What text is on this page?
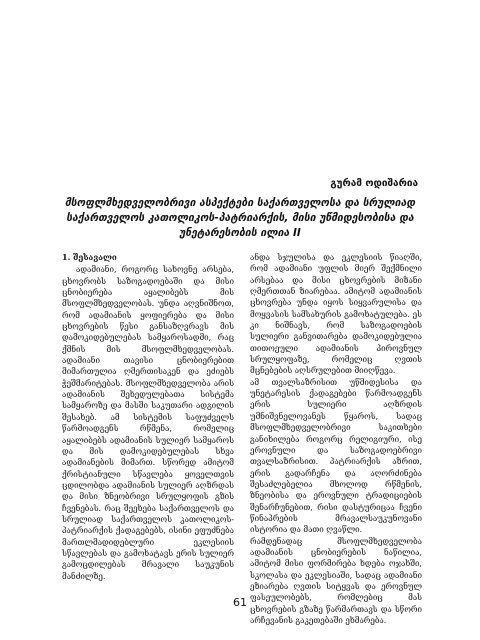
გურამ ოდიშარია
მსოფლმხედველობრივი ასპექტები საქართველოსა და სრულიად საქართველოს კათოლიკოს-პატრიარქის, მისი უწმიდესობისა და უნეტარესობის ილია II

1. შესავალი

ადამიანი, როგორც სახოვნე არსება, ცხოვრობს საზოგადოებაში და მისი ცნობიერება აყალიბებს მის მსოფლმხედველობას. უნდა აღვნიშნოთ, რომ ადამიანის ყოფიერება და მისი ცხოვრების წესი განსაზღვრავს მის დამოკიდებულებას სამყაროსადმი, რაც ქმნის მის მსოფლმხედველობას. ადამიანი თავისი ცნობიერებით მიმართულია ღმერთისაკენ და ეძიებს ჭეშმარიტებას. მსოფლმხედველობა არის ადამიანის შეხედულებათა სისტემა სამყაროზე და მასში საკუთარი ადგილის შესახებ. ამ სისტემის საფუძველს წარმოადგენს რწმენა, რომელიც აყალიბებს ადამიანის სულიერ სამყაროს და მის დამოკიდებულებას სხვა ადამიანების მიმართ. სწორედ ამიტომ ქრისტიანული სწავლება ყოველთვის ცდილობდა ადამიანის სულიერ აღზრდას და მისი ზნეობრივი სრულყოფის გზის ჩვენებას. რაც შეეხება საქართველოს და სრულიად საქართველოს კათოლიკოს-პატრიარქის ქადაგებებს, ისინი ეფუძნება მართლმადიდებლური ეკლესიის სწავლებას და გამოხატავს ერის სულიერ გამოცდილებას მრავალი საუკუნის მანძილზე.

ანდა სჯულისა და ეკლესიის წიაღში, რომ ადამიანი უფლის მიერ შექმნილი არსებაა და მისი ცხოვრების მიზანი ღმერთთან ზიარებაა. ამიტომ ადამიანის ცხოვრება უნდა იყოს სიყვარულისა და მოყვასის სამსახურის გამოხატულება. ეს კი ნიშნავს, რომ საზოგადოების სულიერი განვითარება დამოკიდებულია თითოეული ადამიანის პიროვნულ სრულყოფაზე, რომელიც ღვთის მცნებების აღსრულებით მიიღწევა.
ამ თვალსაზრისით უწმიდესისა და უნეტარესის ქადაგებები წარმოადგენს ერის სულიერი აღზრდის უმნიშვნელოვანეს წყაროს, სადაც მსოფლმხედველობრივი საკითხები განიხილება როგორც რელიგიური, ისე ეროვნული და საზოგადოებრივი თვალსაზრისით. პატრიარქის აზრით, ერის გადარჩენა და აღორძინება შესაძლებელია მხოლოდ რწმენის, ზნეობისა და ეროვნული ტრადიციების შენარჩუნებით, რისი დასტურიცაა ჩვენი წინაპრების მრავალსაუკუნოვანი ისტორია და მათი ღვაწლი.
რამდენადაც მსოფლმხედველობა ადამიანის ცნობიერების ნაწილია, ამიტომ მისი ფორმირება ხდება ოჯახში, სკოლასა და ეკლესიაში, სადაც ადამიანი ეზიარება ღვთის სიტყვას და ეროვნულ ფასეულობებს, რომლებიც მას ცხოვრების გზაზე წარმართავს და სწორი არჩევანის გაკეთებაში ეხმარება.

61
